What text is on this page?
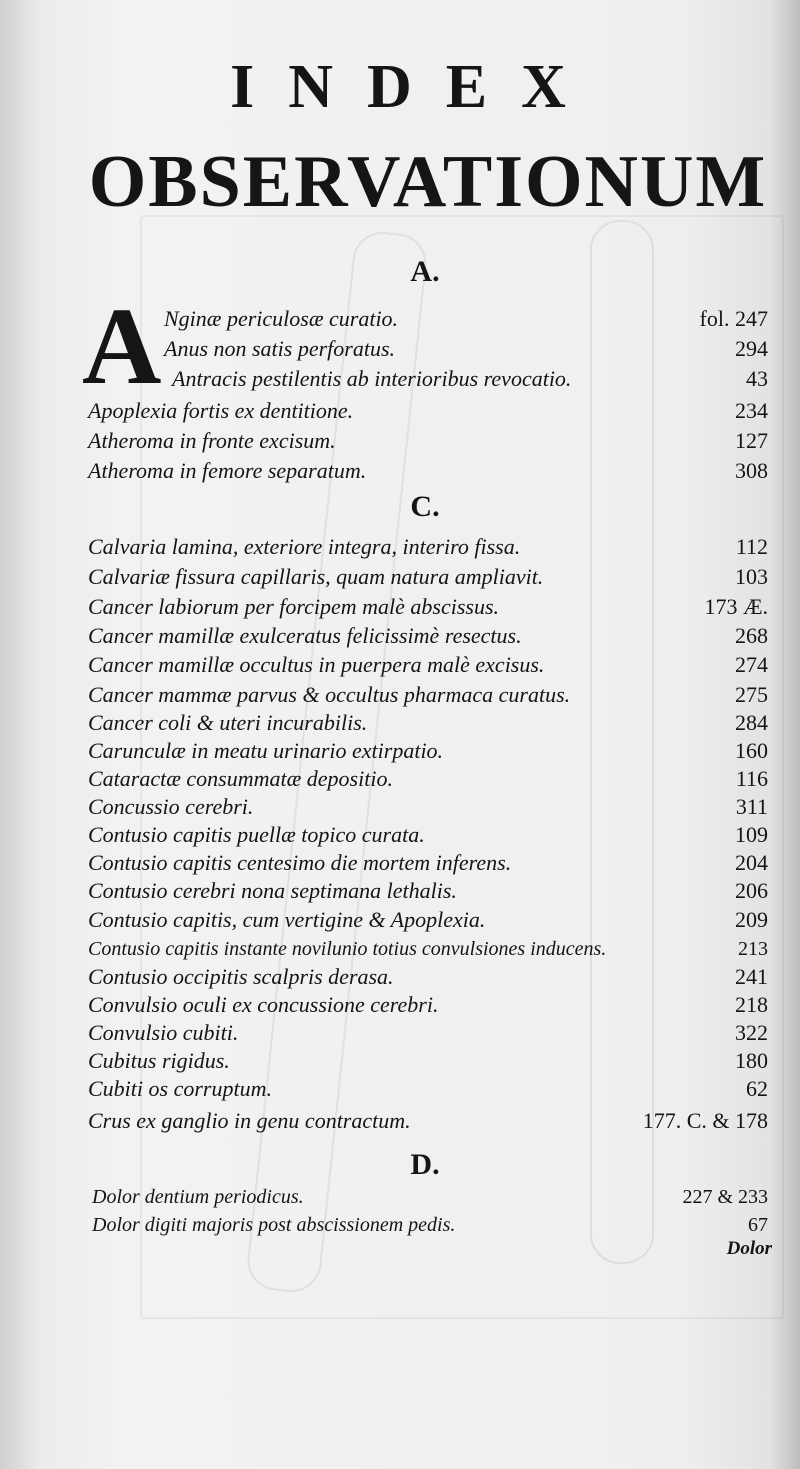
INDEX
OBSERVATIONUM
A.
A Nginæ periculosæ curatio.	fol. 247
Anus non satis perforatus.	294
Antracis pestilentis ab interioribus revocatio.	43
Apoplexia fortis ex dentitione.	234
Atheroma in fronte excisum.	127
Atheroma in femore separatum.	308
C.
Calvaria lamina, exteriore integra, interiro fissa.	112
Calvariæ fissura capillaris, quam natura ampliavit.	103
Cancer labiorum per forcipem malè abscissus.	173 Æ.
Cancer mamillæ exulceratus felicissimè resectus.	268
Cancer mamillæ occultus in puerpera malè excisus.	274
Cancer mammæ parvus & occultus pharmaca curatus.	275
Cancer coli & uteri incurabilis.	284
Carunculæ in meatu urinario extirpatio.	160
Cataractæ consummatæ depositio.	116
Concussio cerebri.	311
Contusio capitis puellæ topico curata.	109
Contusio capitis centesimo die mortem inferens.	204
Contusio cerebri nona septimana lethalis.	206
Contusio capitis, cum vertigine & Apoplexia.	209
Contusio capitis instante novilunio totius convulsiones inducens.	213
Contusio occipitis scalpris derasa.	241
Convulsio oculi ex concussione cerebri.	218
Convulsio cubiti.	322
Cubitus rigidus.	180
Cubiti os corruptum.	62
Crus ex ganglio in genu contractum.	177. C. & 178
D.
Dolor dentium periodicus.	227 & 233
Dolor digiti majoris post abscissionem pedis.	67
Dolor
